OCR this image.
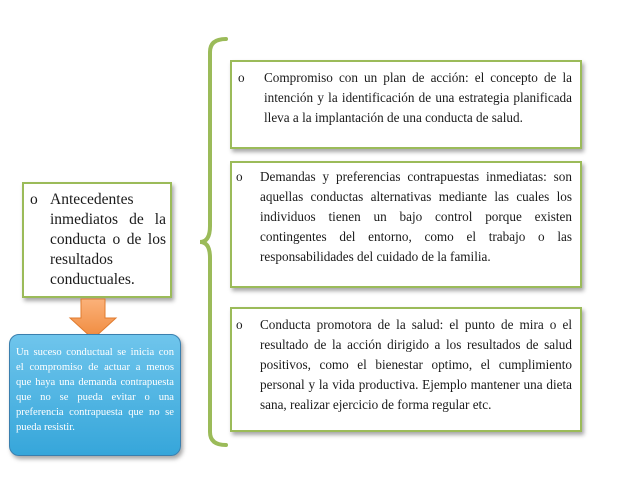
o Antecedentes inmediatos de la conducta o de los resultados conductuales.
Un suceso conductual se inicia con el compromiso de actuar a menos que haya una demanda contrapuesta que no se pueda evitar o una preferencia contrapuesta que no se pueda resistir.
o	Compromiso con un plan de acción: el concepto de la intención y la identificación de una estrategia planificada lleva a la implantación de una conducta de salud.
o	Demandas y preferencias contrapuestas inmediatas: son aquellas conductas alternativas mediante las cuales los individuos tienen un bajo control porque existen contingentes del entorno, como el trabajo o las responsabilidades del cuidado de la familia.
o	Conducta promotora de la salud: el punto de mira o el resultado de la acción dirigido a los resultados de salud positivos, como el bienestar optimo, el cumplimiento personal y la vida productiva. Ejemplo mantener una dieta sana, realizar ejercicio de forma regular etc.
